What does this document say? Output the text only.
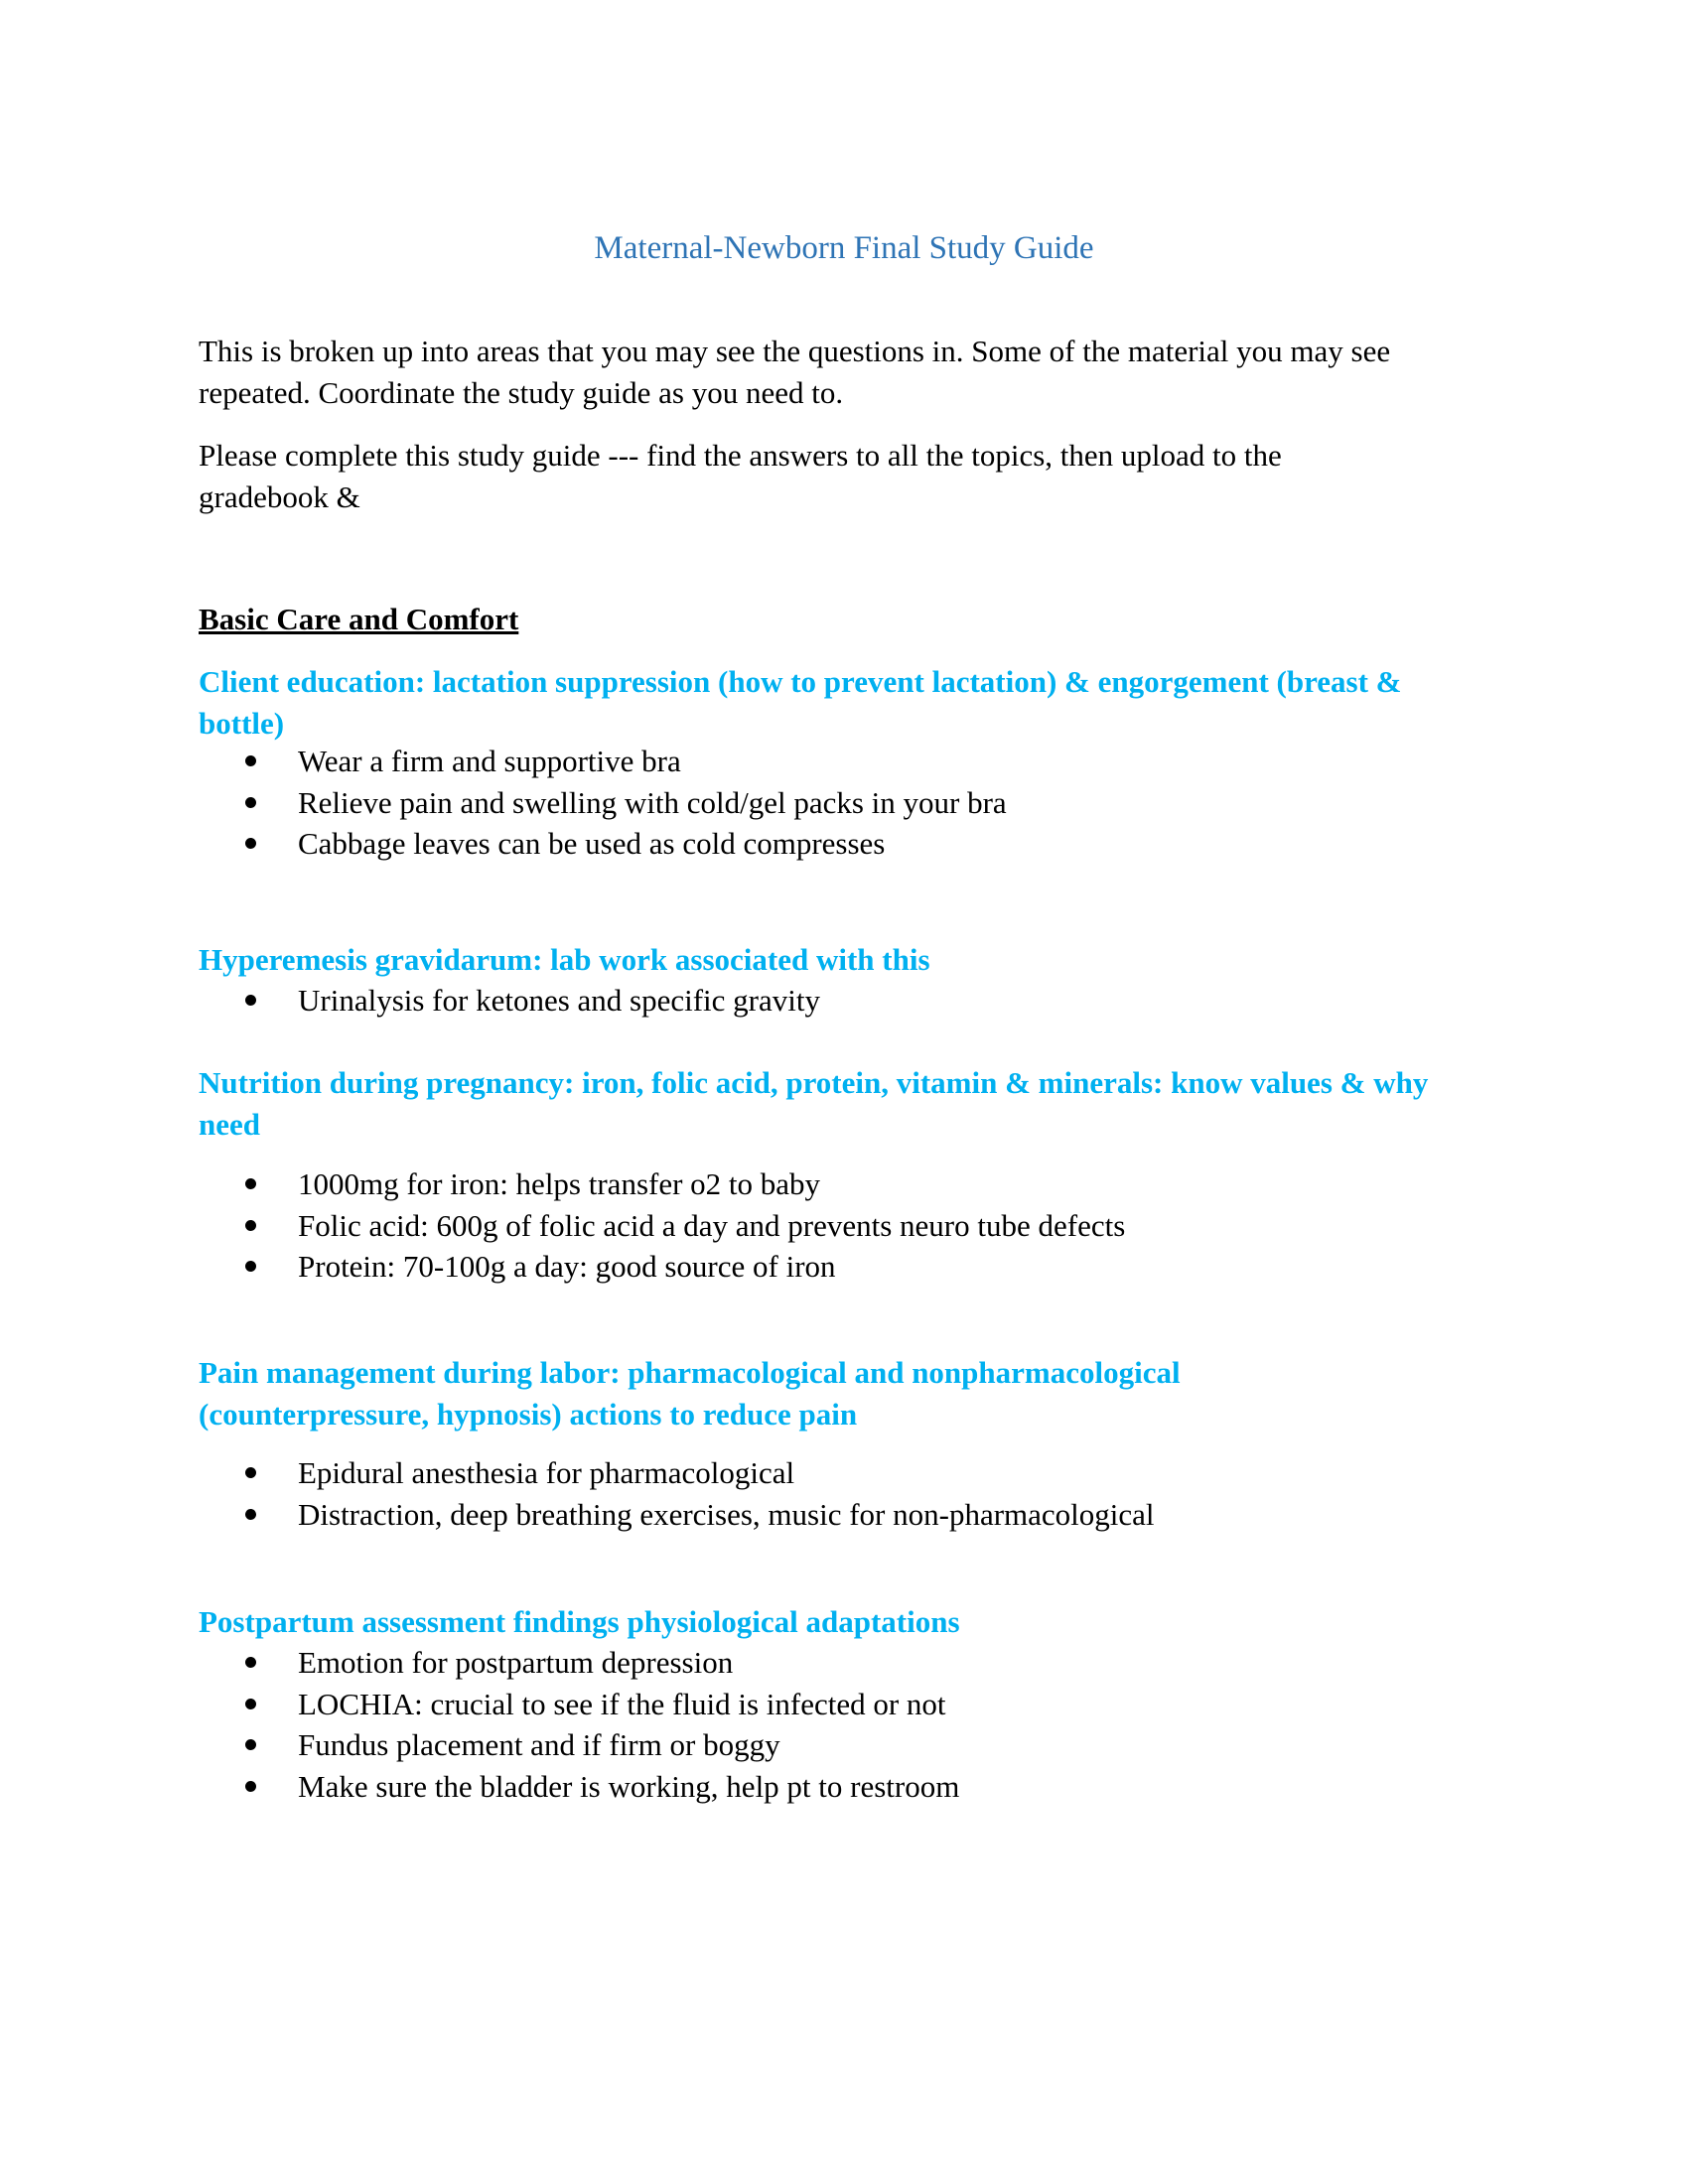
Maternal-Newborn Final Study Guide
This is broken up into areas that you may see the questions in. Some of the material you may see repeated. Coordinate the study guide as you need to.
Please complete this study guide --- find the answers to all the topics, then upload to the gradebook &
Basic Care and Comfort
Client education: lactation suppression (how to prevent lactation) & engorgement (breast & bottle)
Wear a firm and supportive bra
Relieve pain and swelling with cold/gel packs in your bra
Cabbage leaves can be used as cold compresses
Hyperemesis gravidarum: lab work associated with this
Urinalysis for ketones and specific gravity
Nutrition during pregnancy: iron, folic acid, protein, vitamin & minerals: know values & why need
1000mg for iron: helps transfer o2 to baby
Folic acid: 600g of folic acid a day and prevents neuro tube defects
Protein: 70-100g a day: good source of iron
Pain management during labor: pharmacological and nonpharmacological (counterpressure, hypnosis) actions to reduce pain
Epidural anesthesia for pharmacological
Distraction, deep breathing exercises, music for non-pharmacological
Postpartum assessment findings physiological adaptations
Emotion for postpartum depression
LOCHIA: crucial to see if the fluid is infected or not
Fundus placement and if firm or boggy
Make sure the bladder is working, help pt to restroom
